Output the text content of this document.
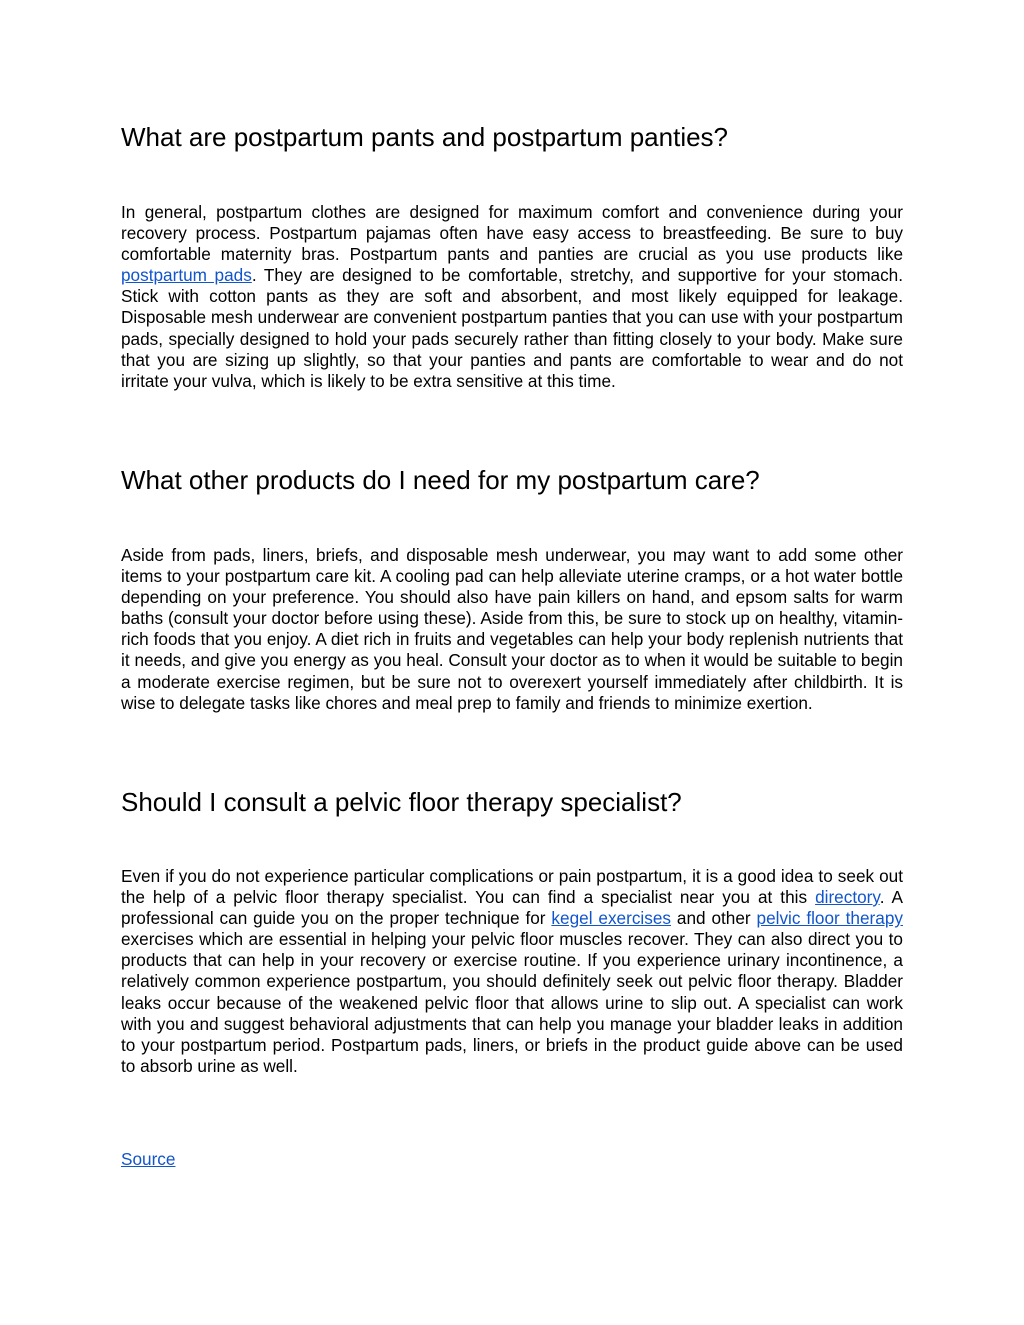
What are postpartum pants and postpartum panties?

In general, postpartum clothes are designed for maximum comfort and convenience during your recovery process. Postpartum pajamas often have easy access to breastfeeding. Be sure to buy comfortable maternity bras. Postpartum pants and panties are crucial as you use products like postpartum pads. They are designed to be comfortable, stretchy, and supportive for your stomach. Stick with cotton pants as they are soft and absorbent, and most likely equipped for leakage. Disposable mesh underwear are convenient postpartum panties that you can use with your postpartum pads, specially designed to hold your pads securely rather than fitting closely to your body. Make sure that you are sizing up slightly, so that your panties and pants are comfortable to wear and do not irritate your vulva, which is likely to be extra sensitive at this time.

What other products do I need for my postpartum care?

Aside from pads, liners, briefs, and disposable mesh underwear, you may want to add some other items to your postpartum care kit. A cooling pad can help alleviate uterine cramps, or a hot water bottle depending on your preference. You should also have pain killers on hand, and epsom salts for warm baths (consult your doctor before using these). Aside from this, be sure to stock up on healthy, vitamin-rich foods that you enjoy. A diet rich in fruits and vegetables can help your body replenish nutrients that it needs, and give you energy as you heal. Consult your doctor as to when it would be suitable to begin a moderate exercise regimen, but be sure not to overexert yourself immediately after childbirth. It is wise to delegate tasks like chores and meal prep to family and friends to minimize exertion.

Should I consult a pelvic floor therapy specialist?

Even if you do not experience particular complications or pain postpartum, it is a good idea to seek out the help of a pelvic floor therapy specialist. You can find a specialist near you at this directory. A professional can guide you on the proper technique for kegel exercises and other pelvic floor therapy exercises which are essential in helping your pelvic floor muscles recover. They can also direct you to products that can help in your recovery or exercise routine. If you experience urinary incontinence, a relatively common experience postpartum, you should definitely seek out pelvic floor therapy. Bladder leaks occur because of the weakened pelvic floor that allows urine to slip out. A specialist can work with you and suggest behavioral adjustments that can help you manage your bladder leaks in addition to your postpartum period. Postpartum pads, liners, or briefs in the product guide above can be used to absorb urine as well.

Source
